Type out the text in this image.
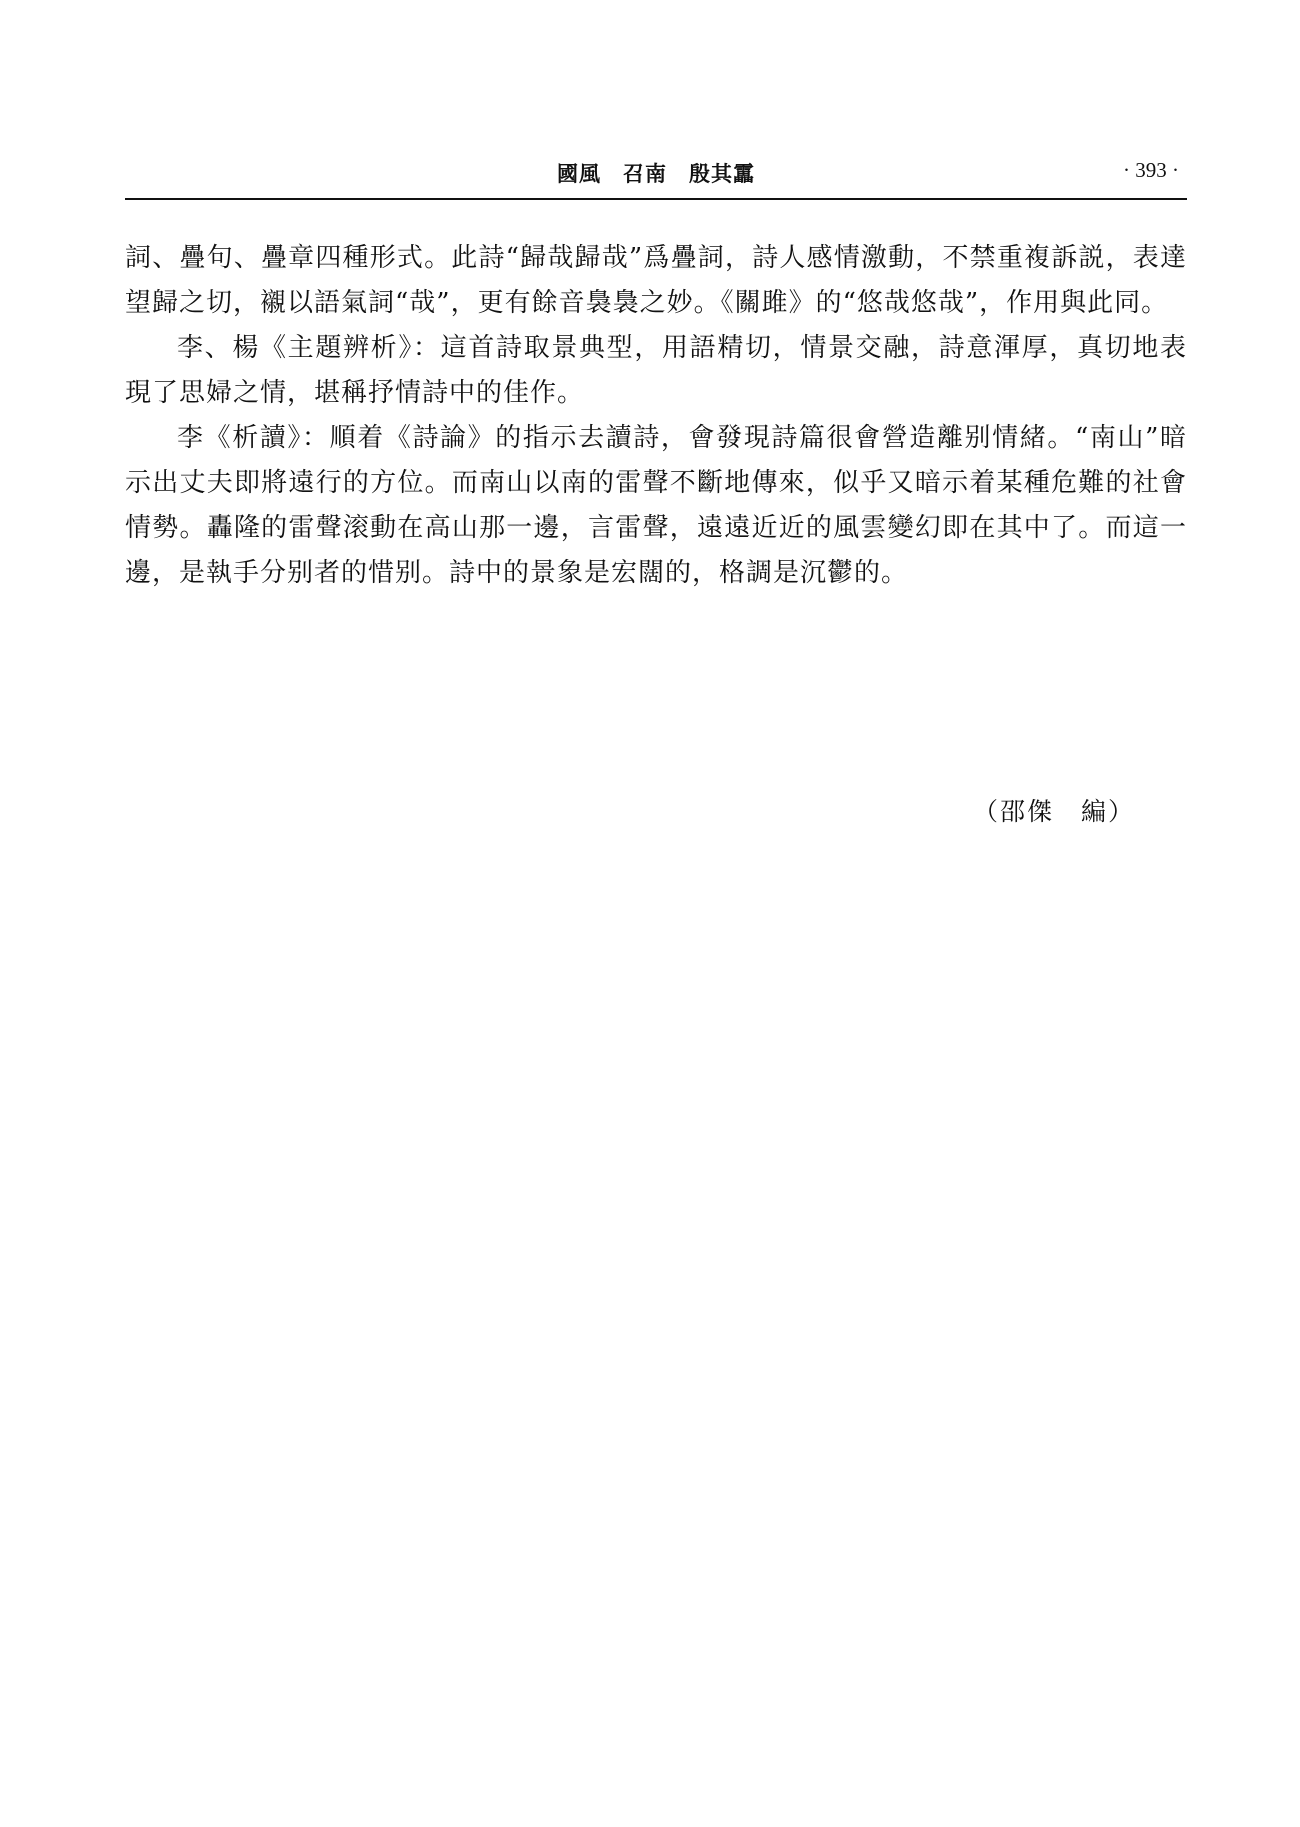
國風　召南　殷其靁	· 393 ·

詞、疊句、疊章四種形式。此詩“歸哉歸哉”爲疊詞，詩人感情激動，不禁重複訴説，表達望歸之切，襯以語氣詞“哉”，更有餘音裊裊之妙。《關雎》的“悠哉悠哉”，作用與此同。

李、楊《主題辨析》：這首詩取景典型，用語精切，情景交融，詩意渾厚，真切地表現了思婦之情，堪稱抒情詩中的佳作。

李《析讀》：順着《詩論》的指示去讀詩，會發現詩篇很會營造離别情緒。“南山”暗示出丈夫即將遠行的方位。而南山以南的雷聲不斷地傳來，似乎又暗示着某種危難的社會情勢。轟隆的雷聲滚動在高山那一邊，言雷聲，遠遠近近的風雲變幻即在其中了。而這一邊，是執手分别者的惜别。詩中的景象是宏闊的，格調是沉鬱的。

（邵傑　編）
